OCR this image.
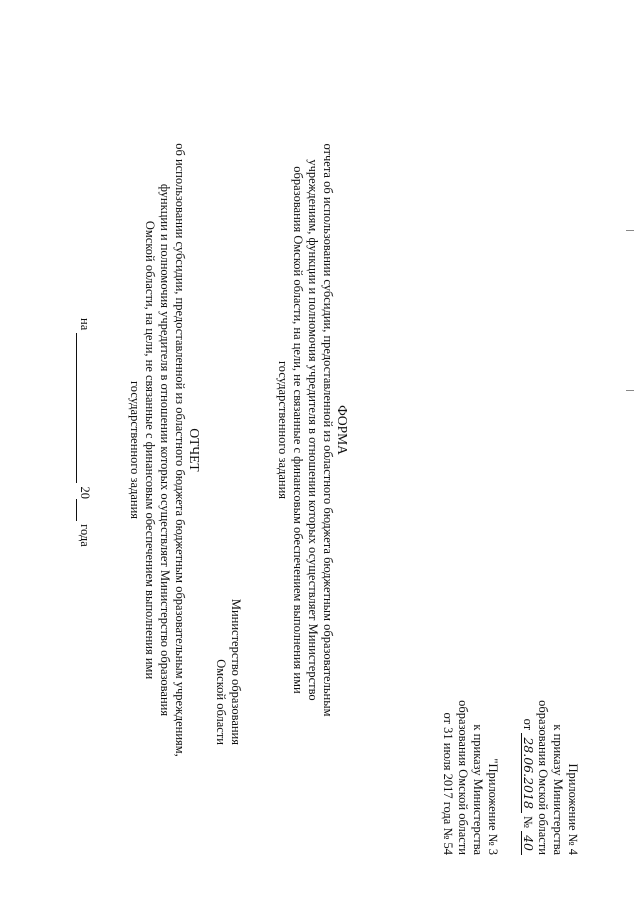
Приложение № 4
к приказу Министерства
образования Омской области
от 28.06.2018 № 40
"Приложение № 3
к приказу Министерства
образования Омской области
от 31 июля 2017 года № 54
ФОРМА
отчета об использовании субсидии, предоставленной из областного бюджета бюджетным образовательным
учреждениям, функции и полномочия учредителя в отношении которых осуществляет Министерство
образования Омской области, на цели, не связанные с финансовым обеспечением выполнения ими
государственного задания
Министерство образования
Омской области
ОТЧЕТ
об использовании субсидии, предоставленной из областного бюджета бюджетным образовательным учреждениям,
функции и полномочия учредителя в отношении которых осуществляет Министерство образования
Омской области, на цели, не связанные с финансовым обеспечением выполнения ими
государственного задания
на   20  года
